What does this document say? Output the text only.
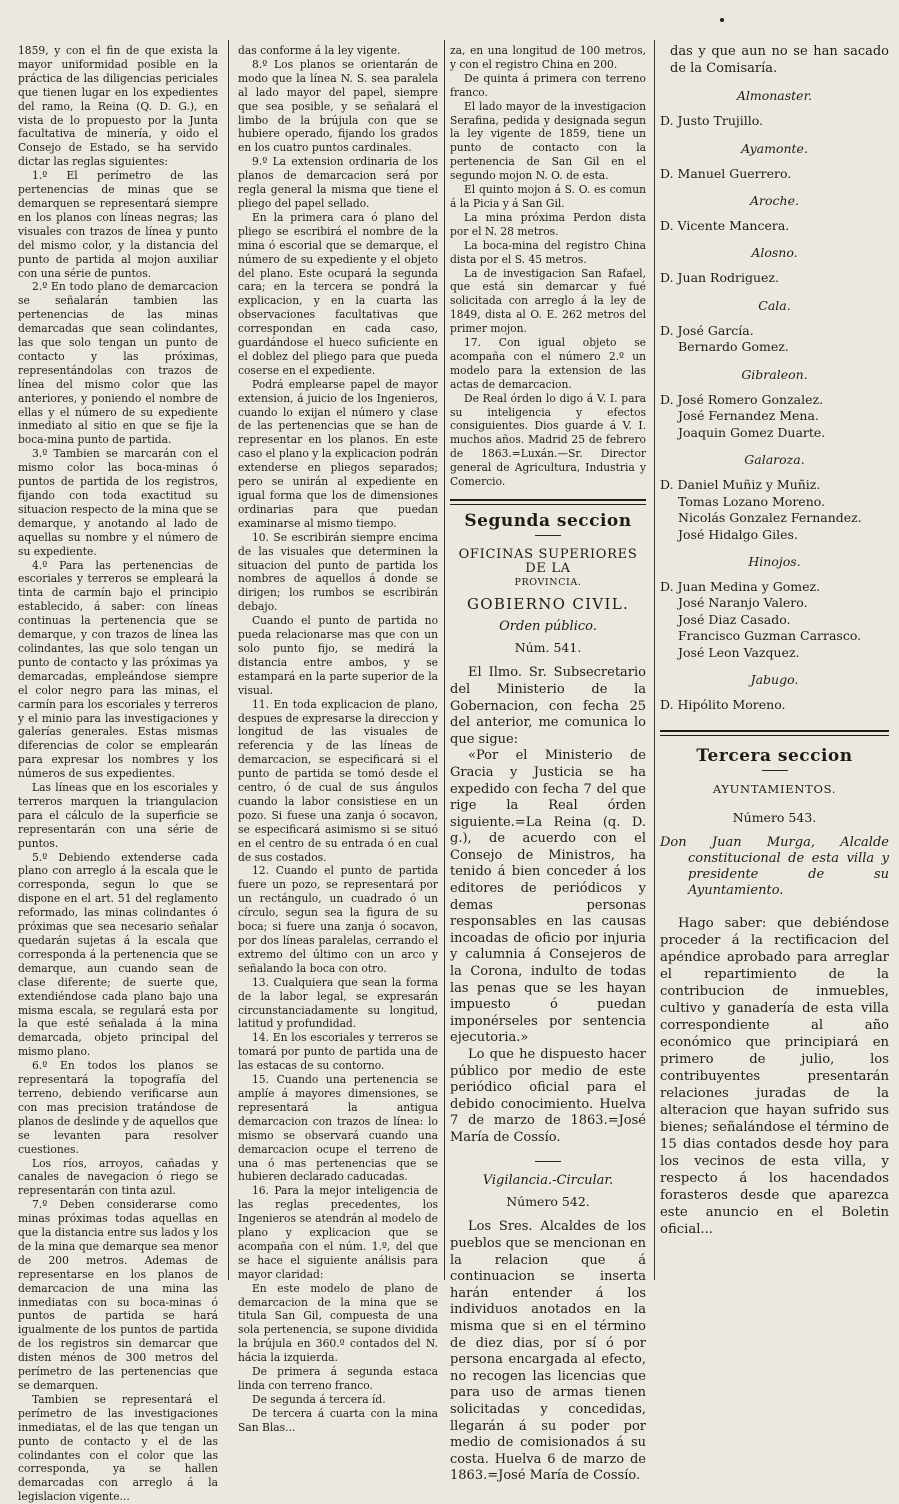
1859, y con el fin de que exista la mayor uniformidad posible en la práctica de las diligencias periciales que tienen lugar en los expedientes del ramo, la Reina (Q. D. G.), en vista de lo propuesto por la Junta facultativa de minería, y oido el Consejo de Estado, se ha servido dictar las reglas siguientes:

1.º El perímetro de las pertenencias de minas que se demarquen se representará siempre en los planos con líneas negras; las visuales con trazos de línea y punto del mismo color, y la distancia del punto de partida al mojon auxiliar con una série de puntos.

2.º En todo plano de demarcacion se señalarán tambien las pertenencias de las minas demarcadas que sean colindantes, las que solo tengan un punto de contacto y las próximas, representándolas con trazos de línea del mismo color que las anteriores, y poniendo el nombre de ellas y el número de su expediente inmediato al sitio en que se fije la boca-mina punto de partida.

3.º Tambien se marcarán con el mismo color las boca-minas ó puntos de partida de los registros, fijando con toda exactitud su situacion respecto de la mina que se demarque, y anotando al lado de aquellas su nombre y el número de su expediente.

4.º Para las pertenencias de escoriales y terreros se empleará la tinta de carmín bajo el principio establecido, á saber: con líneas continuas la pertenencia que se demarque, y con trazos de línea las colindantes, las que solo tengan un punto de contacto y las próximas ya demarcadas, empleándose siempre el color negro para las minas, el carmín para los escoriales y terreros y el minio para las investigaciones y galerías generales. Estas mismas diferencias de color se emplearán para expresar los nombres y los números de sus expedientes.

Las líneas que en los escoriales y terreros marquen la triangulacion para el cálculo de la superficie se representarán con una série de puntos.

5.º Debiendo extenderse cada plano con arreglo á la escala que le corresponda, segun lo que se dispone en el art. 51 del reglamento reformado, las minas colindantes ó próximas que sea necesario señalar quedarán sujetas á la escala que corresponda á la pertenencia que se demarque, aun cuando sean de clase diferente; de suerte que, extendiéndose cada plano bajo una misma escala, se regulará esta por la que esté señalada á la mina demarcada, objeto principal del mismo plano.

6.º En todos los planos se representará la topografía del terreno, debiendo verificarse aun con mas precision tratándose de planos de deslinde y de aquellos que se levanten para resolver cuestiones.

Los ríos, arroyos, cañadas y canales de navegacion ó riego se representarán con tinta azul.

7.º Deben considerarse como minas próximas todas aquellas en que la distancia entre sus lados y los de la mina que demarque sea menor de 200 metros. Ademas de representarse en los planos de demarcacion de una mina las inmediatas con su boca-minas ó puntos de partida se hará igualmente de los puntos de partida de los registros sin demarcar que disten ménos de 300 metros del perímetro de las pertenencias que se demarquen.

Tambien se representará el perímetro de las investigaciones inmediatas, el de las que tengan un punto de contacto y el de las colindantes con el color que las corresponda, ya se hallen demarcadas con arreglo á la legislacion vigente...

das conforme á la ley vigente.

8.º Los planos se orientarán de modo que la línea N. S. sea paralela al lado mayor del papel, siempre que sea posible, y se señalará el limbo de la brújula con que se hubiere operado, fijando los grados en los cuatro puntos cardinales.

9.º La extension ordinaria de los planos de demarcacion será por regla general la misma que tiene el pliego del papel sellado.

En la primera cara ó plano del pliego se escribirá el nombre de la mina ó escorial que se demarque, el número de su expediente y el objeto del plano. Este ocupará la segunda cara; en la tercera se pondrá la explicacion, y en la cuarta las observaciones facultativas que correspondan en cada caso, guardándose el hueco suficiente en el doblez del pliego para que pueda coserse en el expediente.

Podrá emplearse papel de mayor extension, á juicio de los Ingenieros, cuando lo exijan el número y clase de las pertenencias que se han de representar en los planos. En este caso el plano y la explicacion podrán extenderse en pliegos separados; pero se unirán al expediente en igual forma que los de dimensiones ordinarias para que puedan examinarse al mismo tiempo.

10. Se escribirán siempre encima de las visuales que determinen la situacion del punto de partida los nombres de aquellos á donde se dirigen; los rumbos se escribirán debajo.

Cuando el punto de partida no pueda relacionarse mas que con un solo punto fijo, se medirá la distancia entre ambos, y se estampará en la parte superior de la visual.

11. En toda explicacion de plano, despues de expresarse la direccion y longitud de las visuales de referencia y de las líneas de demarcacion, se especificará si el punto de partida se tomó desde el centro, ó de cual de sus ángulos cuando la labor consistiese en un pozo. Si fuese una zanja ó socavon, se especificará asimismo si se situó en el centro de su entrada ó en cual de sus costados.

12. Cuando el punto de partida fuere un pozo, se representará por un rectángulo, un cuadrado ó un círculo, segun sea la figura de su boca; si fuere una zanja ó socavon, por dos líneas paralelas, cerrando el extremo del último con un arco y señalando la boca con otro.

13. Cualquiera que sean la forma de la labor legal, se expresarán circunstanciadamente su longitud, latitud y profundidad.

14. En los escoriales y terreros se tomará por punto de partida una de las estacas de su contorno.

15. Cuando una pertenencia se amplíe á mayores dimensiones, se representará la antigua demarcacion con trazos de línea: lo mismo se observará cuando una demarcacion ocupe el terreno de una ó mas pertenencias que se hubieren declarado caducadas.

16. Para la mejor inteligencia de las reglas precedentes, los Ingenieros se atendrán al modelo de plano y explicacion que se acompaña con el núm. 1.º, del que se hace el siguiente análisis para mayor claridad:

En este modelo de plano de demarcacion de la mina que se titula San Gil, compuesta de una sola pertenencia, se supone dividida la brújula en 360.º contados del N. hácia la izquierda.

De primera á segunda estaca linda con terreno franco.

De segunda á tercera íd.

De tercera á cuarta con la mina San Blas...

za, en una longitud de 100 metros, y con el registro China en 200.

De quinta á primera con terreno franco.

El lado mayor de la investigacion Serafina, pedida y designada segun la ley vigente de 1859, tiene un punto de contacto con la pertenencia de San Gil en el segundo mojon N. O. de esta.

El quinto mojon á S. O. es comun á la Picia y á San Gil.

La mina próxima Perdon dista por el N. 28 metros.

La boca-mina del registro China dista por el S. 45 metros.

La de investigacion San Rafael, que está sin demarcar y fué solicitada con arreglo á la ley de 1849, dista al O. E. 262 metros del primer mojon.

17. Con igual objeto se acompaña con el número 2.º un modelo para la extension de las actas de demarcacion.

De Real órden lo digo á V. I. para su inteligencia y efectos consiguientes. Dios guarde á V. I. muchos años. Madrid 25 de febrero de 1863.=Luxán.—Sr. Director general de Agricultura, Industria y Comercio.

Segunda seccion
OFICINAS SUPERIORES DE LA
PROVINCIA.
GOBIERNO CIVIL.
Orden público.
Núm. 541.

El Ilmo. Sr. Subsecretario del Ministerio de la Gobernacion, con fecha 25 del anterior, me comunica lo que sigue:

«Por el Ministerio de Gracia y Justicia se ha expedido con fecha 7 del que rige la Real órden siguiente.=La Reina (q. D. g.), de acuerdo con el Consejo de Ministros, ha tenido á bien conceder á los editores de periódicos y demas personas responsables en las causas incoadas de oficio por injuria y calumnia á Consejeros de la Corona, indulto de todas las penas que se les hayan impuesto ó puedan imponérseles por sentencia ejecutoria.»

Lo que he dispuesto hacer público por medio de este periódico oficial para el debido conocimiento. Huelva 7 de marzo de 1863.=José María de Cossío.

Vigilancia.-Circular.
Número 542.

Los Sres. Alcaldes de los pueblos que se mencionan en la relacion que á continuacion se inserta harán entender á los individuos anotados en la misma que si en el término de diez dias, por sí ó por persona encargada al efecto, no recogen las licencias que para uso de armas tienen solicitadas y concedidas, llegarán á su poder por medio de comisionados á su costa. Huelva 6 de marzo de 1863.=José María de Cossío.

das y que aun no se han sacado de la Comisaría.

Almonaster.
D. Justo Trujillo.
Ayamonte.
D. Manuel Guerrero.
Aroche.
D. Vicente Mancera.
Alosno.
D. Juan Rodriguez.
Cala.
D. José García.
Bernardo Gomez.
Gibraleon.
D. José Romero Gonzalez.
José Fernandez Mena.
Joaquin Gomez Duarte.
Galaroza.
D. Daniel Muñiz y Muñiz.
Tomas Lozano Moreno.
Nicolás Gonzalez Fernandez.
José Hidalgo Giles.
Hinojos.
D. Juan Medina y Gomez.
José Naranjo Valero.
José Diaz Casado.
Francisco Guzman Carrasco.
José Leon Vazquez.
Jabugo.
D. Hipólito Moreno.
Tercera seccion
AYUNTAMIENTOS.
Número 543.
Don Juan Murga, Alcalde constitucional de esta villa y presidente de su Ayuntamiento.

Hago saber: que debiéndose proceder á la rectificacion del apéndice aprobado para arreglar el repartimiento de la contribucion de inmuebles, cultivo y ganadería de esta villa correspondiente al año económico que principiará en primero de julio, los contribuyentes presentarán relaciones juradas de la alteracion que hayan sufrido sus bienes; señalándose el término de 15 dias contados desde hoy para los vecinos de esta villa, y respecto á los hacendados forasteros desde que aparezca este anuncio en el Boletin oficial...
